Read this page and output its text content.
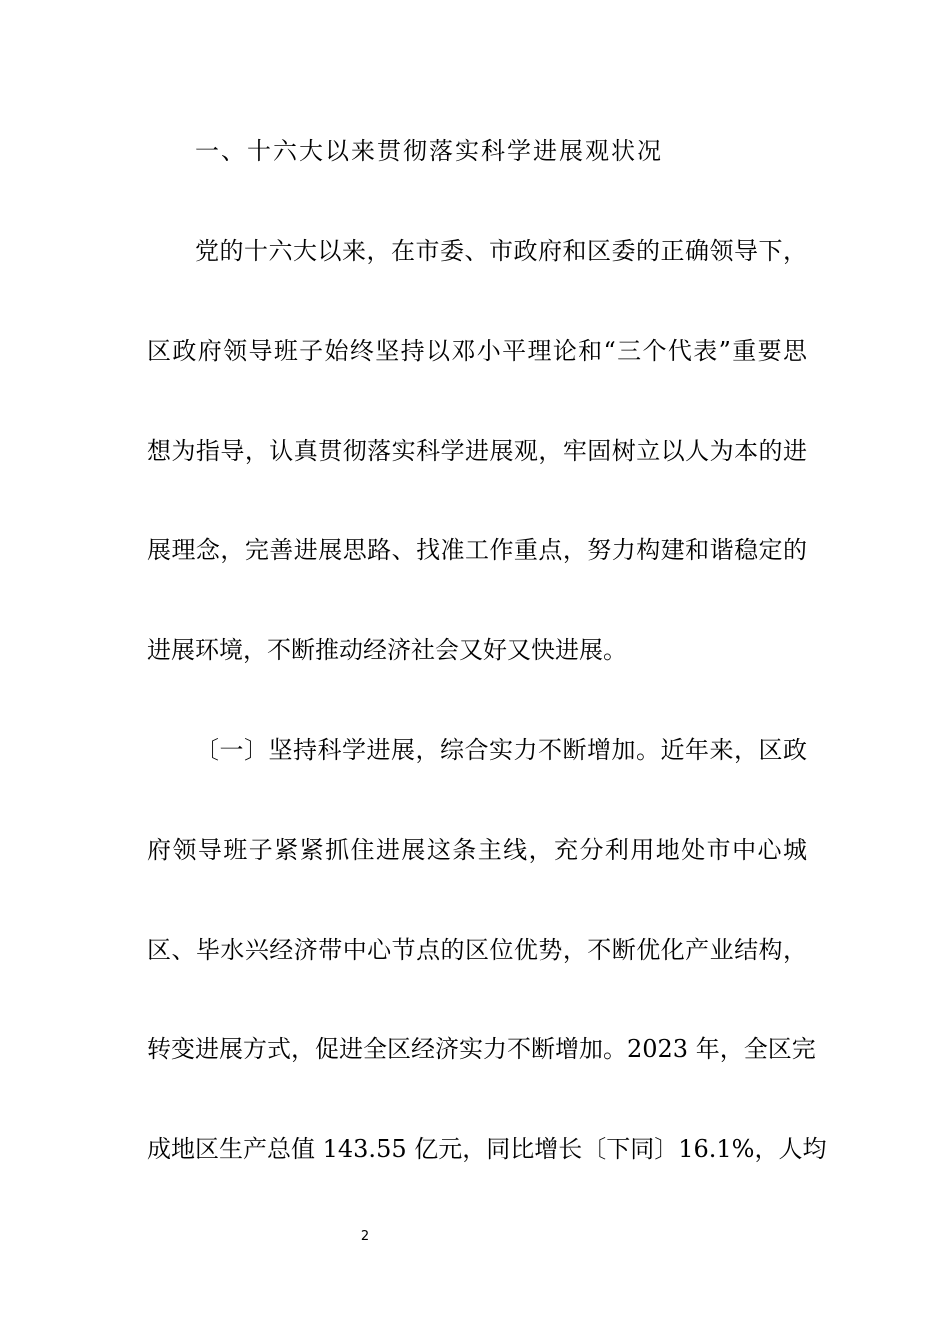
一、十六大以来贯彻落实科学进展观状况
党的十六大以来，在市委、市政府和区委的正确领导下，
区政府领导班子始终坚持以邓小平理论和“三个代表”重要思
想为指导，认真贯彻落实科学进展观，牢固树立以人为本的进
展理念，完善进展思路、找准工作重点，努力构建和谐稳定的
进展环境，不断推动经济社会又好又快进展。
〔一〕坚持科学进展，综合实力不断增加。近年来，区政
府领导班子紧紧抓住进展这条主线，充分利用地处市中心城
区、毕水兴经济带中心节点的区位优势，不断优化产业结构，
转变进展方式，促进全区经济实力不断增加。2023 年，全区完
成地区生产总值 143.55 亿元，同比增长〔下同〕16.1%，人均
2
